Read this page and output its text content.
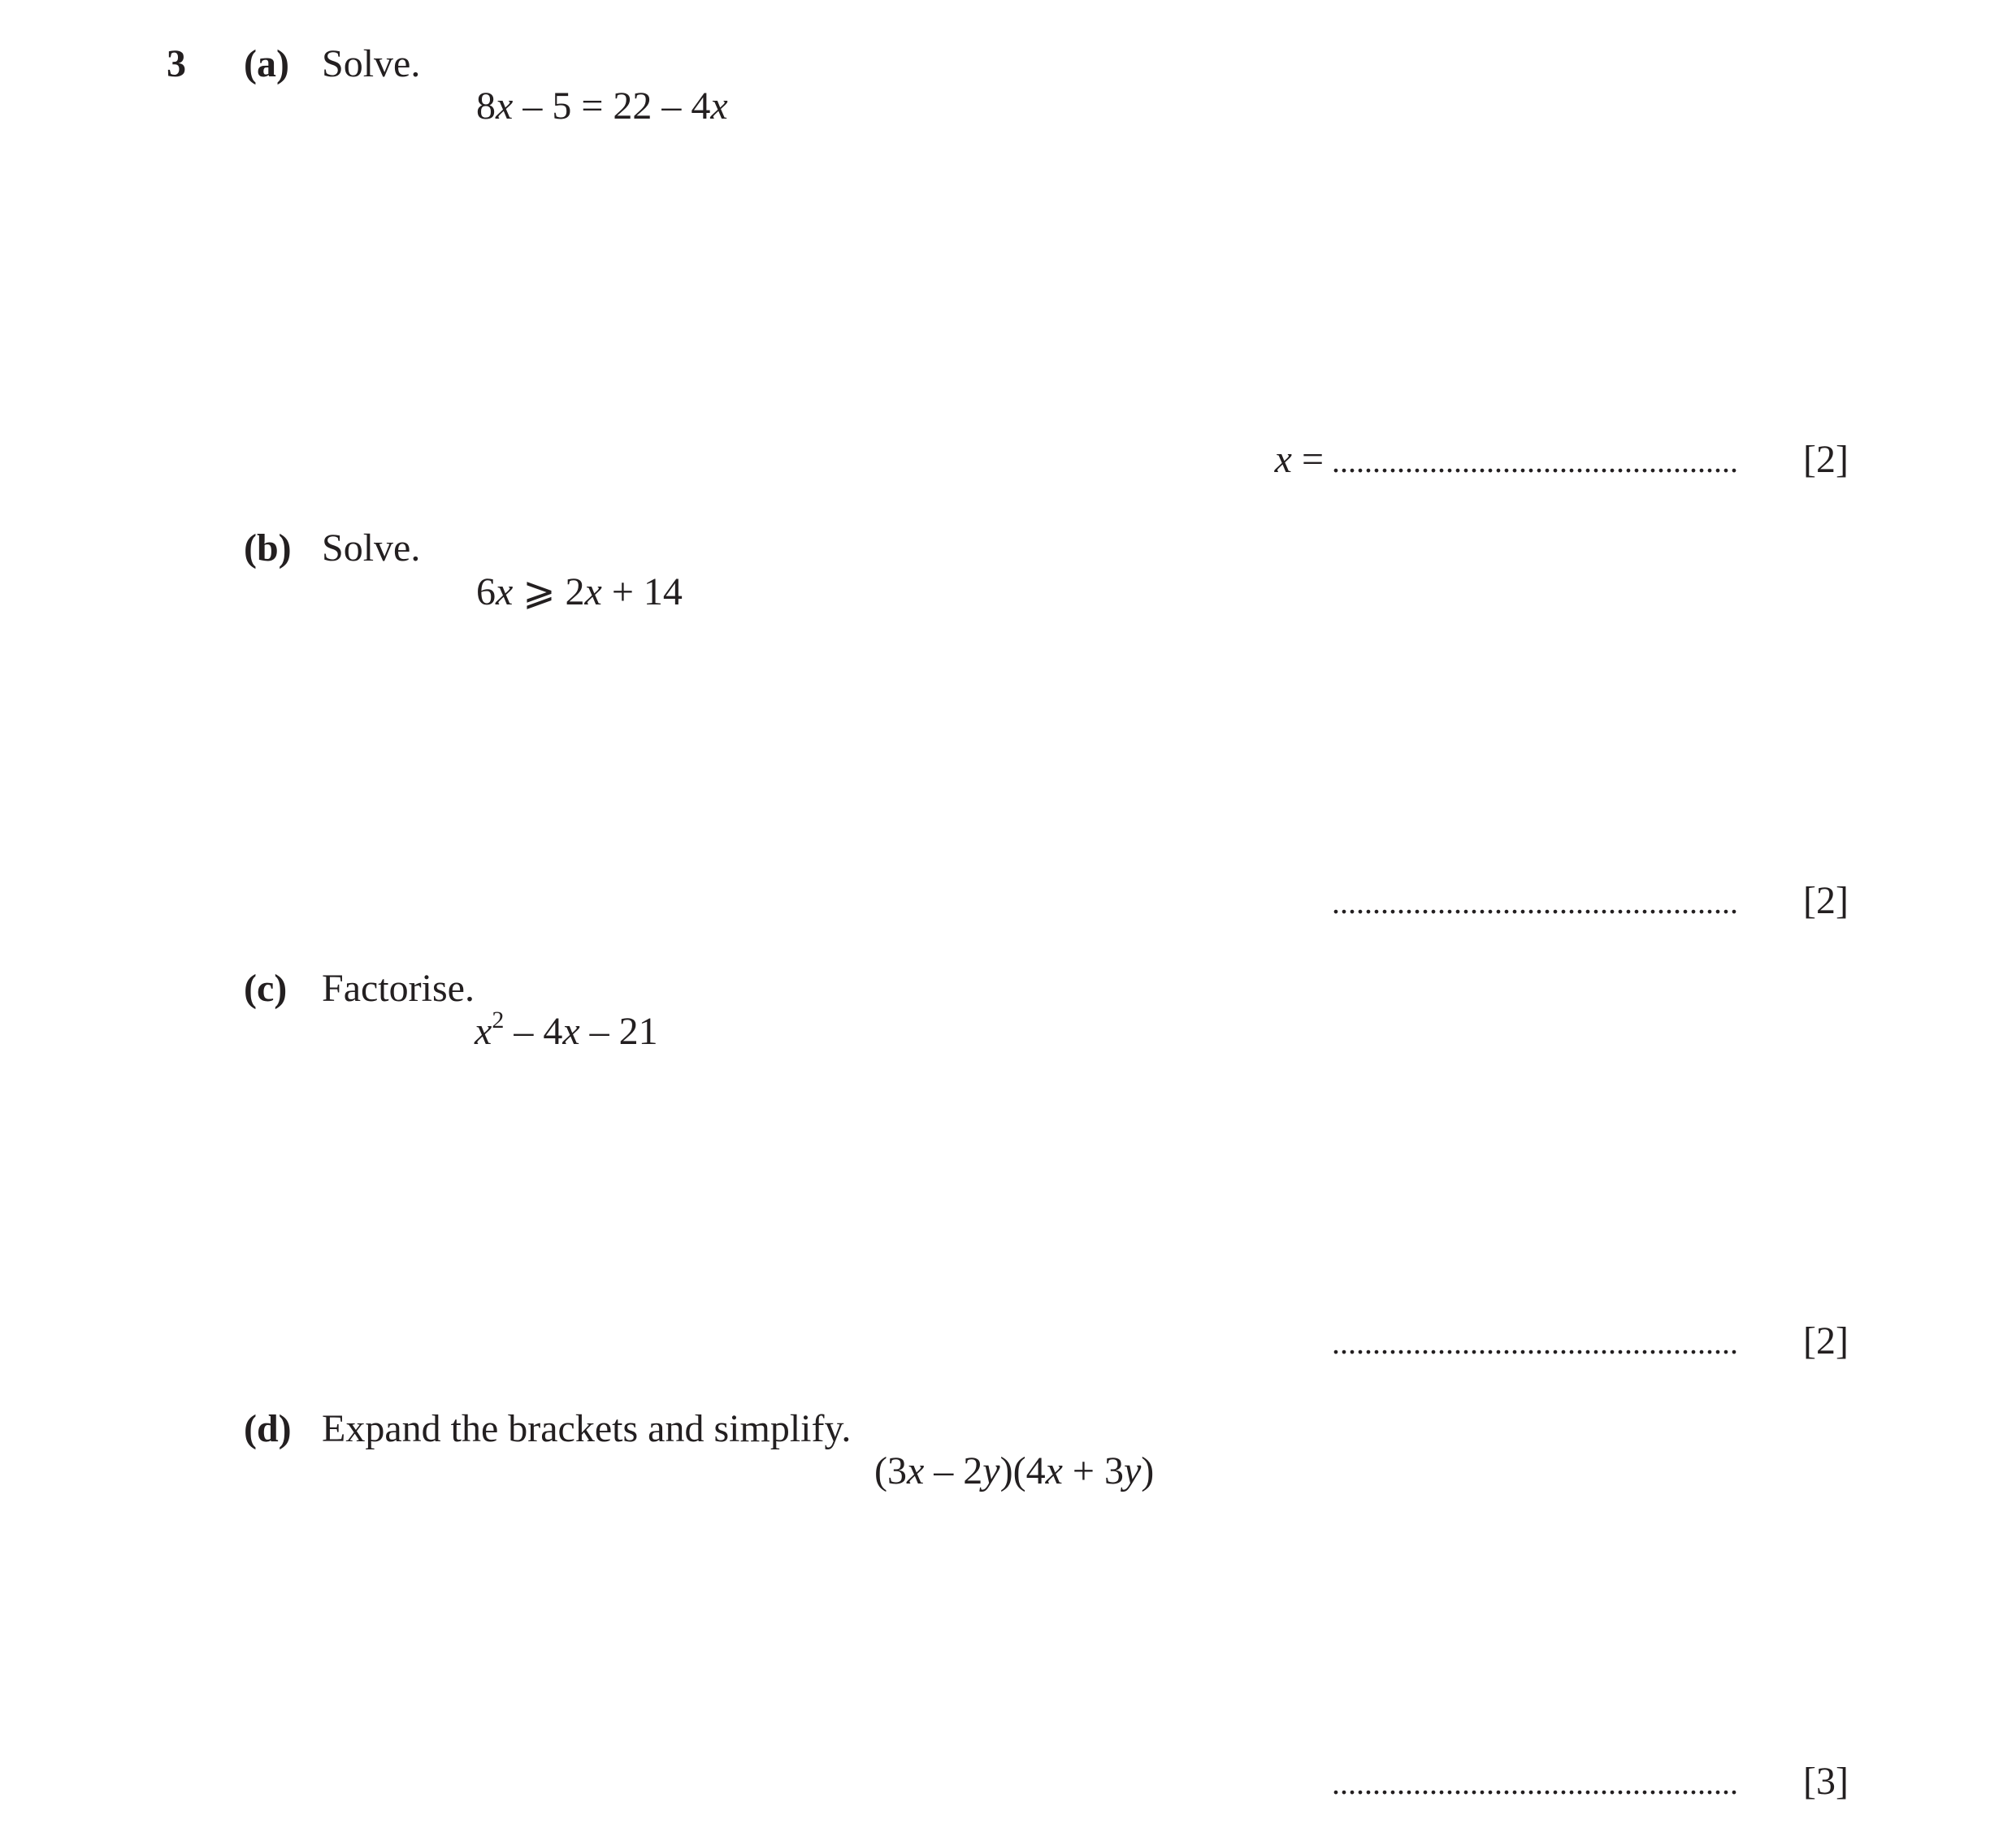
3 (a) Solve.
8x – 5 = 22 – 4x
x = ..................................................	[2]
(b) Solve.
6x ⩾ 2x + 14
..................................................	[2]
(c) Factorise.
$x^2 - 4x - 21$
..................................................	[2]
(d) Expand the brackets and simplify.
(3x – 2y)(4x + 3y)
..................................................	[3]
